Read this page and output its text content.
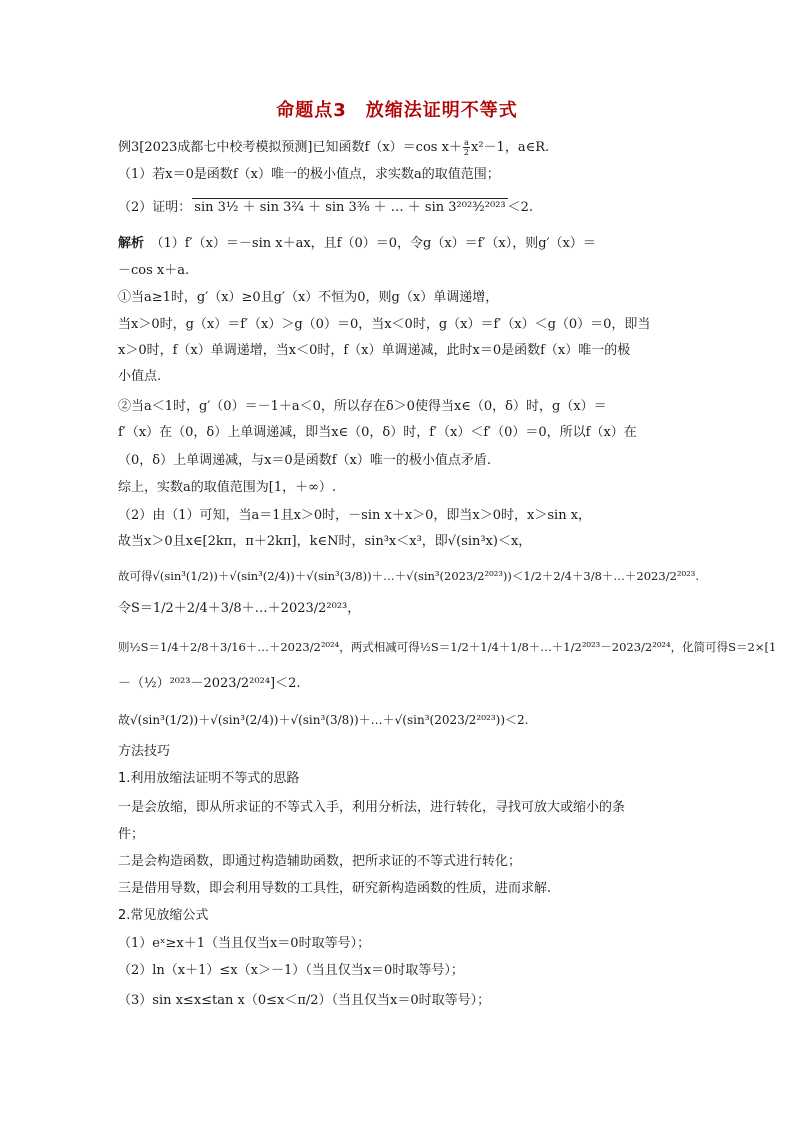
命题点3　放缩法证明不等式
例3[2023成都七中校考模拟预测]已知函数f（x）＝cos $x+ \frac{a}{2} x^2-1$，a∈R.
（1）若x＝0是函数f（x）唯一的极小值点，求实数a的取值范围；
（2）证明： sin 3¹⁄₂ ＋ sin 3²⁄₄ ＋ sin 3³⁄₈ ＋ … ＋ sin 3²⁰²³⁄₂²⁰²³ ＜2.
解析　 （1）f′（x）＝－sin x＋ax，且f（0）＝0，令g（x）＝f′（x），则g′（x）＝
－cos x＋a.
①当a≥1时，g′（x）≥0且g′（x）不恒为0，则g（x）单调递增，
当x＞0时，g（x）＝f′（x）＞g（0）＝0，当x＜0时，g（x）＝f′（x）＜g（0）＝0，即当
x＞0时，f（x）单调递增，当x＜0时，f（x）单调递减，此时x＝0是函数f（x）唯一的极
小值点.
②当a＜1时，g′（0）＝－1＋a＜0，所以存在δ＞0使得当x∈（0，δ）时，g（x）＝
f′（x）在（0，δ）上单调递减，即当x∈（0，δ）时，f′（x）＜f′（0）＝0，所以f（x）在
（0，δ）上单调递减，与x＝0是函数f（x）唯一的极小值点矛盾.
综上，实数a的取值范围为[1，＋∞）.
（2）由（1）可知，当a＝1且x＞0时，－sin x＋x＞0，即当x＞0时，x＞sin x，
故当x＞0且x∈[2kπ，π＋2kπ]，k∈N时，sin³x＜x³，即√(sin³x)＜x，
故可得√(sin³(1/2))＋√(sin³(2/4))＋√(sin³(3/8))＋…＋√(sin³(2023/2²⁰²³))＜1/2＋2/4＋3/8＋…＋2023/2²⁰²³.
令S＝1/2＋2/4＋3/8＋…＋2023/2²⁰²³，
则½S＝1/4＋2/8＋3/16＋…＋2023/2²⁰²⁴，两式相减可得½S＝1/2＋1/4＋1/8＋…＋1/2²⁰²³－2023/2²⁰²⁴，化简可得S＝2×[1
－（½）²⁰²³－2023/2²⁰²⁴]＜2.
故√(sin³(1/2))＋√(sin³(2/4))＋√(sin³(3/8))＋…＋√(sin³(2023/2²⁰²³))＜2.
方法技巧
1.利用放缩法证明不等式的思路
一是会放缩，即从所求证的不等式入手，利用分析法，进行转化，寻找可放大或缩小的条
件；
二是会构造函数，即通过构造辅助函数，把所求证的不等式进行转化；
三是借用导数，即会利用导数的工具性，研究新构造函数的性质，进而求解.
2.常见放缩公式
（1）eˣ≥x＋1（当且仅当x＝0时取等号）；
（2）ln（x＋1）≤x（x＞－1）（当且仅当x＝0时取等号）；
（3）sin x≤x≤tan x（0≤x＜π/2）（当且仅当x＝0时取等号）；
